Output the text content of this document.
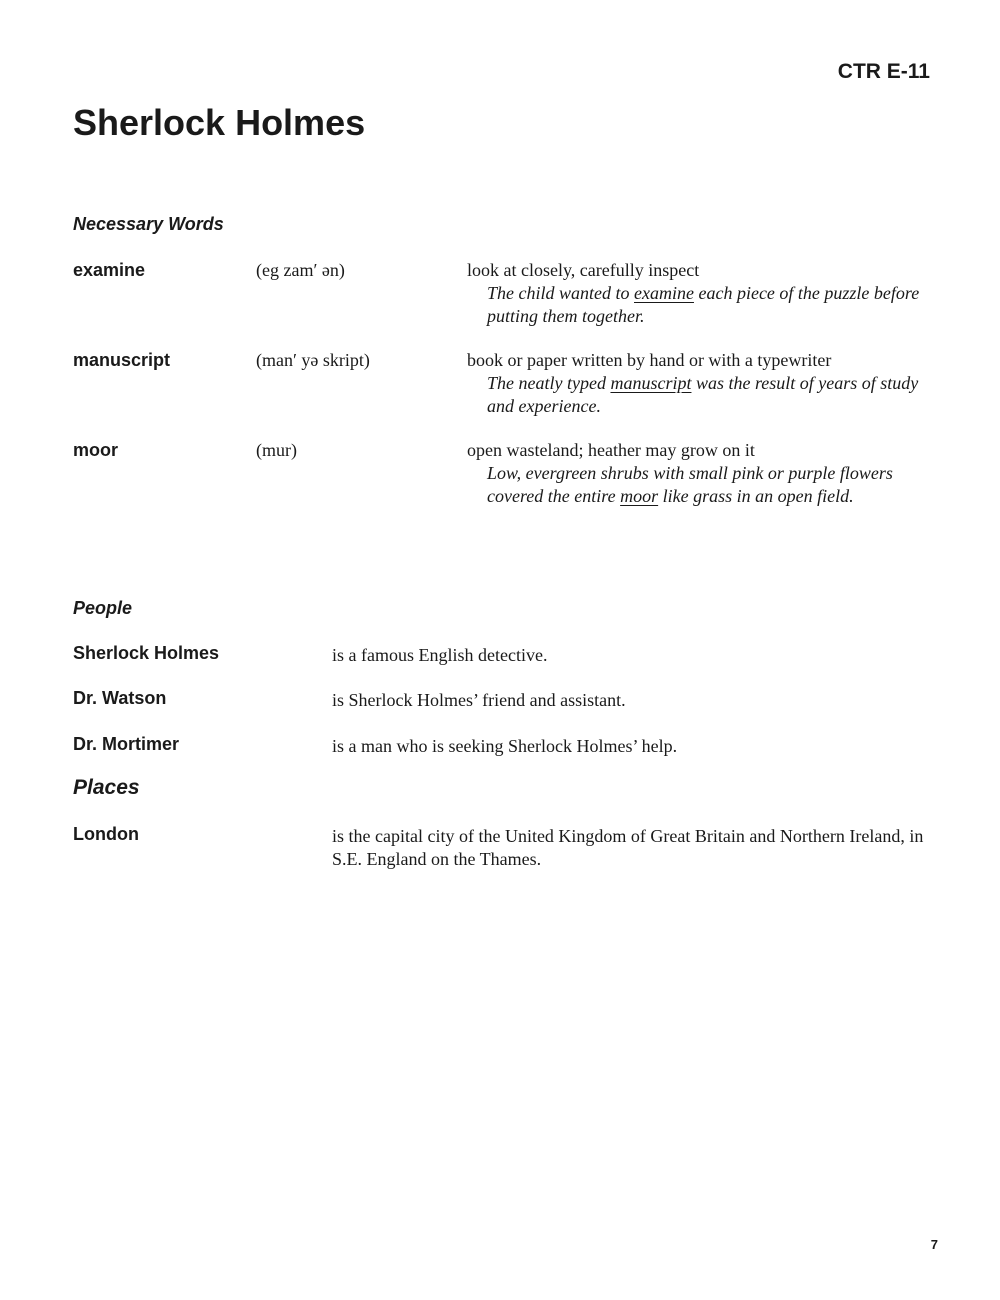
CTR E-11
Sherlock Holmes
Necessary Words
examine	(eg zam′ ən)	look at closely, carefully inspect
The child wanted to examine each piece of the puzzle before putting them together.
manuscript	(man′ yə skript)	book or paper written by hand or with a typewriter
The neatly typed manuscript was the result of years of study and experience.
moor	(mur)	open wasteland; heather may grow on it
Low, evergreen shrubs with small pink or purple flowers covered the entire moor like grass in an open field.
People
Sherlock Holmes	is a famous English detective.
Dr. Watson	is Sherlock Holmes’ friend and assistant.
Dr. Mortimer	is a man who is seeking Sherlock Holmes’ help.
Places
London	is the capital city of the United Kingdom of Great Britain and Northern Ireland, in S.E. England on the Thames.
7
